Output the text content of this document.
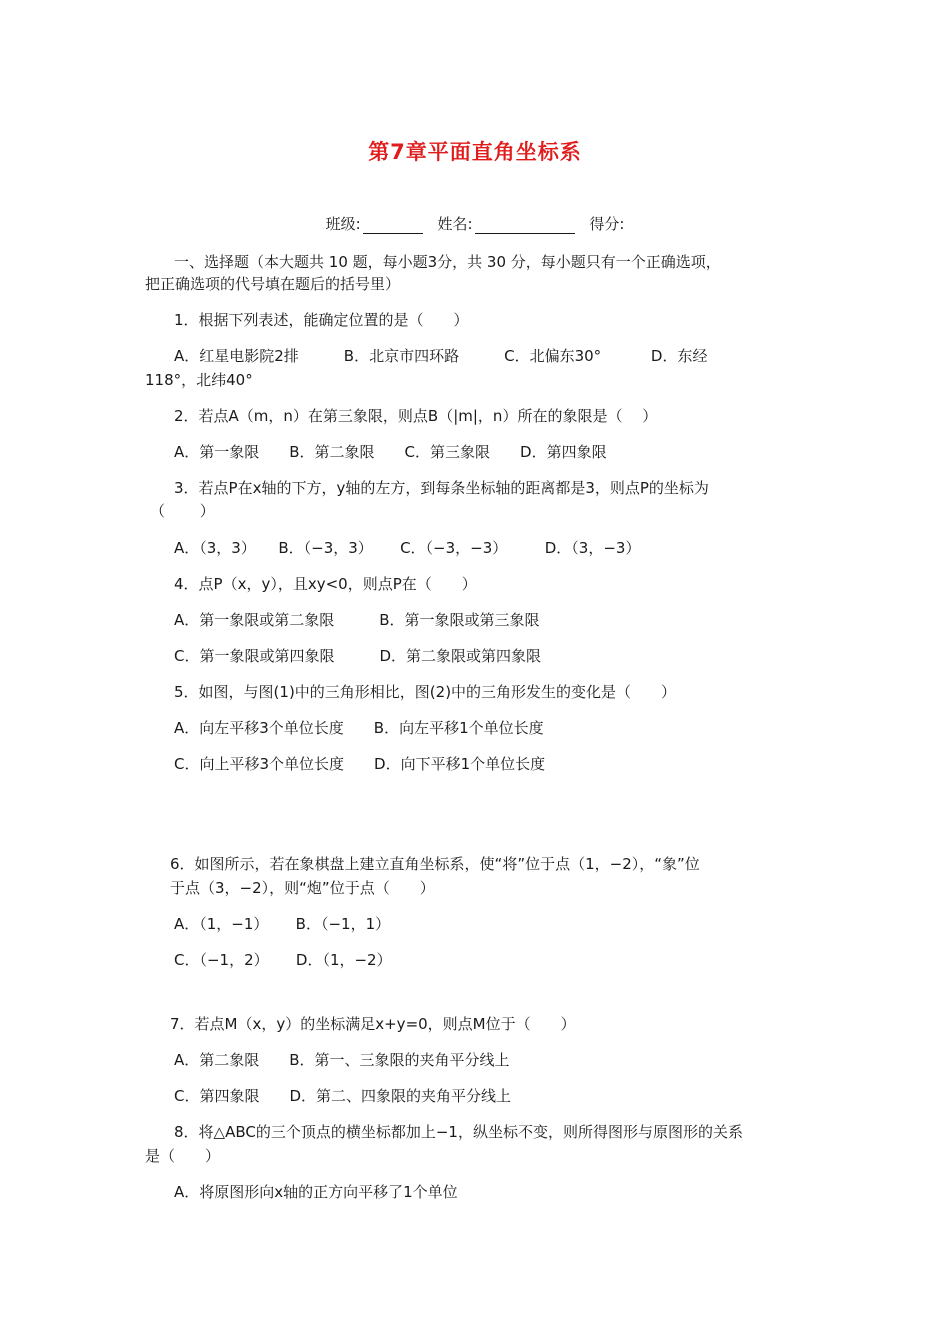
第7章平面直角坐标系
班级:	姓名:	得分:
一、选择题（本大题共 10 题，每小题3分，共 30 分，每小题只有一个正确选项，
把正确选项的代号填在题后的括号里）
1．根据下列表述，能确定位置的是（　　）
A．红星电影院2排　　　B．北京市四环路　　　C．北偏东30°　　　 D．东经
118°，北纬40°
2．若点A（m，n）在第三象限，则点B（|m|，n）所在的象限是（　 ）
A．第一象限　　B．第二象限　　C．第三象限　　D．第四象限
3．若点P在x轴的下方，y轴的左方，到每条坐标轴的距离都是3，则点P的坐标为
（　　 ）
A．（3，3）　　B．（−3，3）　　 C．（−3，−3）　　　D．（3，−3）
4．点P（x，y），且xy<0，则点P在（　　）
A．第一象限或第二象限　　　B．第一象限或第三象限
C．第一象限或第四象限　　　D．第二象限或第四象限
5．如图，与图(1)中的三角形相比，图(2)中的三角形发生的变化是（　　）
A．向左平移3个单位长度　　B．向左平移1个单位长度
C．向上平移3个单位长度　　D．向下平移1个单位长度
6．如图所示，若在象棋盘上建立直角坐标系，使“将”位于点（1，−2），“象”位
于点（3，−2），则“炮”位于点（　　）
A．（1，−1）　　 B．（−1，1）
C．（−1，2）　　 D．（1，−2）
7．若点M（x，y）的坐标满足x+y=0，则点M位于（　　）
A．第二象限　　B．第一、三象限的夹角平分线上
C．第四象限　　D．第二、四象限的夹角平分线上
8．将△ABC的三个顶点的横坐标都加上−1，纵坐标不变，则所得图形与原图形的关系
是（　　）
A．将原图形向x轴的正方向平移了1个单位
